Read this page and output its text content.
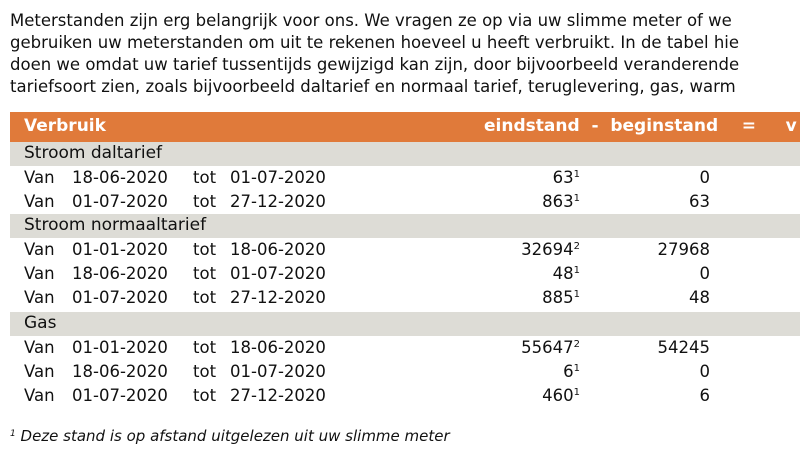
Meterstanden zijn erg belangrijk voor ons. We vragen ze op via uw slimme meter of we
gebruiken uw meterstanden om uit te rekenen hoeveel u heeft verbruikt. In de tabel hie
doen we omdat uw tarief tussentijds gewijzigd kan zijn, door bijvoorbeeld veranderende
tariefsoort zien, zoals bijvoorbeeld daltarief en normaal tarief, teruglevering, gas, warm
Verbruik	eindstand  -  beginstand    =     v
Stroom daltarief
Van 18-06-2020 tot 01-07-2020	$63^1$	0
Van 01-07-2020 tot 27-12-2020	$863^1$	63
Stroom normaaltarief
Van 01-01-2020 tot 18-06-2020	32694$^2$	27968
Van 18-06-2020 tot 01-07-2020	$48^1$	0
Van 01-07-2020 tot 27-12-2020	$885^1$	48
Gas
Van 01-01-2020 tot 18-06-2020	55647$^2$	54245
Van 18-06-2020 tot 01-07-2020	$6^1$	0
Van 01-07-2020 tot 27-12-2020	$460^1$	6
$^1$ Deze stand is op afstand uitgelezen uit uw slimme meter
